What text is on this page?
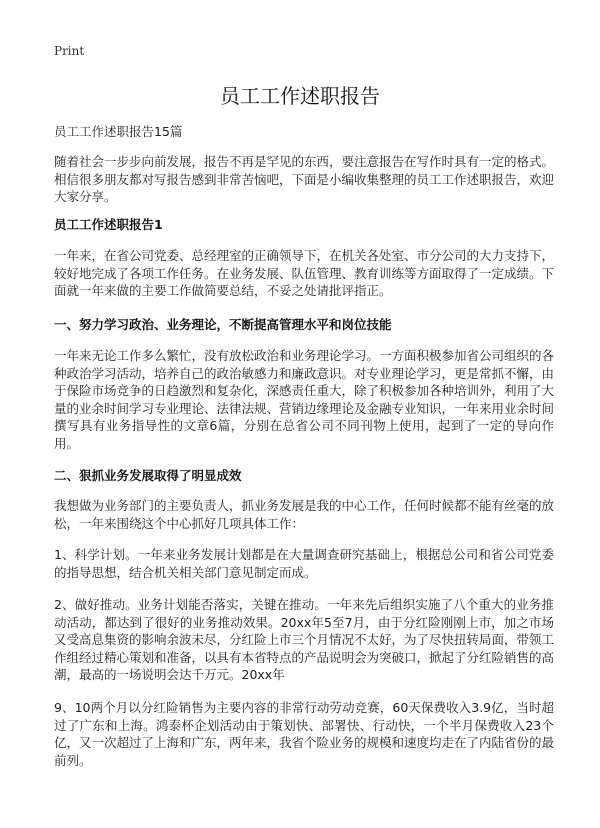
Print
员工工作述职报告

员工工作述职报告15篇

随着社会一步步向前发展，报告不再是罕见的东西，要注意报告在写作时具有一定的格式。相信很多朋友都对写报告感到非常苦恼吧，下面是小编收集整理的员工工作述职报告，欢迎大家分享。

员工工作述职报告1

一年来，在省公司党委、总经理室的正确领导下，在机关各处室、市分公司的大力支持下，较好地完成了各项工作任务。在业务发展、队伍管理、教育训练等方面取得了一定成绩。下面就一年来做的主要工作做简要总结，不妥之处请批评指正。

一、努力学习政治、业务理论，不断提高管理水平和岗位技能

一年来无论工作多么繁忙，没有放松政治和业务理论学习。一方面积极参加省公司组织的各种政治学习活动，培养自己的政治敏感力和廉政意识。对专业理论学习，更是常抓不懈，由于保险市场竞争的日趋激烈和复杂化，深感责任重大，除了积极参加各种培训外，利用了大量的业余时间学习专业理论、法律法规、营销边缘理论及金融专业知识，一年来用业余时间撰写具有业务指导性的文章6篇，分别在总省公司不同刊物上使用，起到了一定的导向作用。

二、狠抓业务发展取得了明显成效

我想做为业务部门的主要负责人，抓业务发展是我的中心工作，任何时候都不能有丝毫的放松，一年来围绕这个中心抓好几项具体工作：

1、科学计划。一年来业务发展计划都是在大量调查研究基础上，根据总公司和省公司党委的指导思想，结合机关相关部门意见制定而成。

2、做好推动。业务计划能否落实，关键在推动。一年来先后组织实施了八个重大的业务推动活动，都达到了很好的业务推动效果。20xx年5至7月，由于分红险刚刚上市，加之市场又受高息集资的影响余波未尽，分红险上市三个月情况不太好，为了尽快扭转局面，带领工作组经过精心策划和准备，以具有本省特点的产品说明会为突破口，掀起了分红险销售的高潮，最高的一场说明会达千万元。20xx年

9、10两个月以分红险销售为主要内容的非常行动劳动竞赛，60天保费收入3.9亿，当时超过了广东和上海。鸿泰杯企划活动由于策划快、部署快、行动快，一个半月保费收入23个亿，又一次超过了上海和广东，两年来，我省个险业务的规模和速度均走在了内陆省份的最前列。
